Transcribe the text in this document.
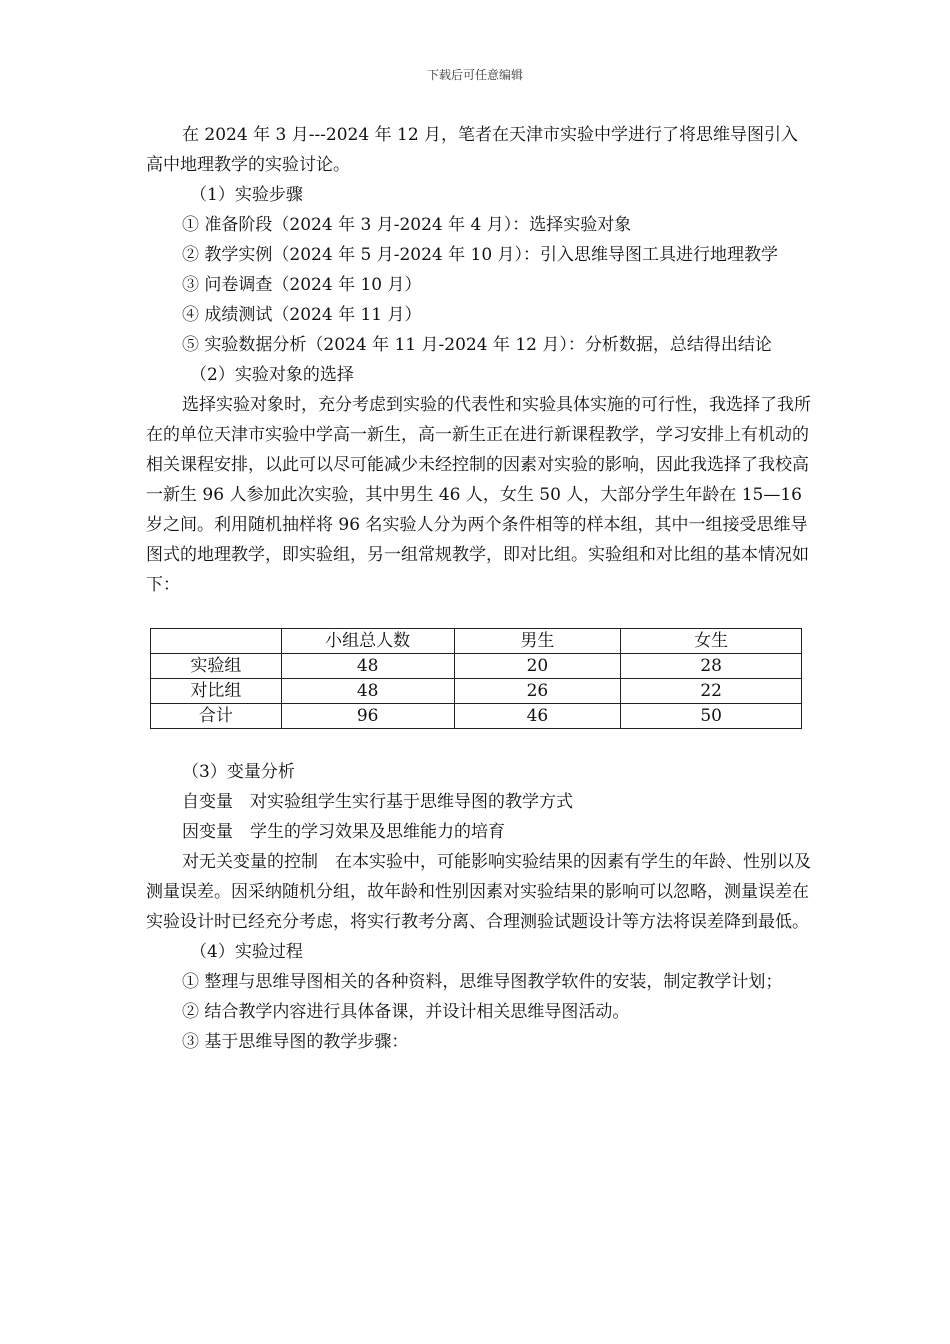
下载后可任意编辑

在 2024 年 3 月---2024 年 12 月，笔者在天津市实验中学进行了将思维导图引入高中地理教学的实验讨论。

（1）实验步骤

① 准备阶段（2024 年 3 月-2024 年 4 月）：选择实验对象

② 教学实例（2024 年 5 月-2024 年 10 月）：引入思维导图工具进行地理教学

③ 问卷调查（2024 年 10 月）

④ 成绩测试（2024 年 11 月）

⑤ 实验数据分析（2024 年 11 月-2024 年 12 月）：分析数据，总结得出结论

（2）实验对象的选择

选择实验对象时，充分考虑到实验的代表性和实验具体实施的可行性，我选择了我所在的单位天津市实验中学高一新生，高一新生正在进行新课程教学，学习安排上有机动的相关课程安排，以此可以尽可能减少未经控制的因素对实验的影响，因此我选择了我校高一新生 96 人参加此次实验，其中男生 46 人，女生 50 人，大部分学生年龄在 15—16 岁之间。利用随机抽样将 96 名实验人分为两个条件相等的样本组，其中一组接受思维导图式的地理教学，即实验组，另一组常规教学，即对比组。实验组和对比组的基本情况如下：

	小组总人数	男生	女生
实验组	48	20	28
对比组	48	26	22
合计	96	46	50

（3）变量分析

自变量　对实验组学生实行基于思维导图的教学方式

因变量　学生的学习效果及思维能力的培育

对无关变量的控制　在本实验中，可能影响实验结果的因素有学生的年龄、性别以及测量误差。因采纳随机分组，故年龄和性别因素对实验结果的影响可以忽略，测量误差在实验设计时已经充分考虑，将实行教考分离、合理测验试题设计等方法将误差降到最低。

（4）实验过程

① 整理与思维导图相关的各种资料，思维导图教学软件的安装，制定教学计划；

② 结合教学内容进行具体备课，并设计相关思维导图活动。

③ 基于思维导图的教学步骤：
